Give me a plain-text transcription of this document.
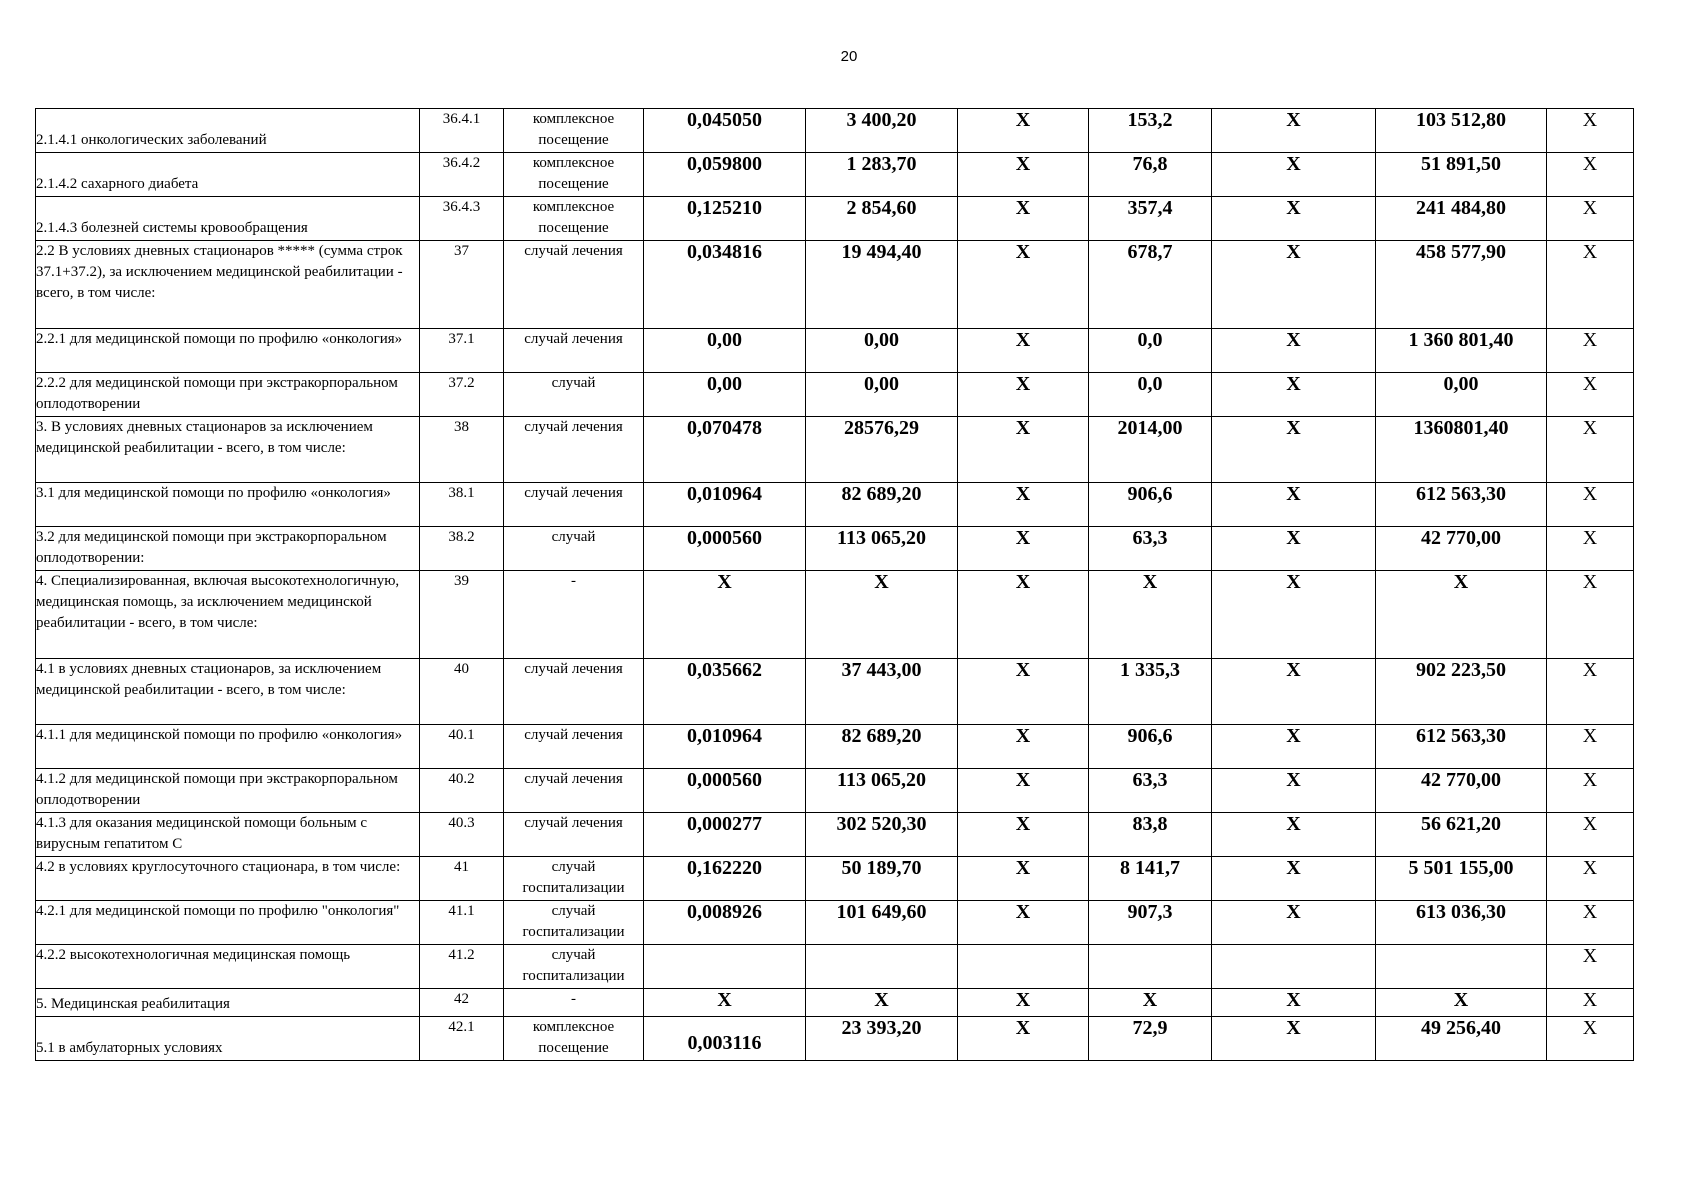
20
2.1.4.1 онкологических заболеваний	36.4.1	комплексное посещение	0,045050	3 400,20	X	153,2	X	103 512,80	X
2.1.4.2 сахарного диабета	36.4.2	комплексное посещение	0,059800	1 283,70	X	76,8	X	51 891,50	X
2.1.4.3 болезней системы кровообращения	36.4.3	комплексное посещение	0,125210	2 854,60	X	357,4	X	241 484,80	X
2.2 В условиях дневных стационаров ***** (сумма строк 37.1+37.2), за исключением медицинской реабилитации - всего, в том числе:	37	случай лечения	0,034816	19 494,40	X	678,7	X	458 577,90	X
2.2.1 для медицинской помощи по профилю «онкология»	37.1	случай лечения	0,00	0,00	X	0,0	X	1 360 801,40	X
2.2.2 для медицинской помощи при экстракорпоральном оплодотворении	37.2	случай	0,00	0,00	X	0,0	X	0,00	X
3. В условиях дневных стационаров за исключением медицинской реабилитации - всего, в том числе:	38	случай лечения	0,070478	28576,29	X	2014,00	X	1360801,40	X
3.1 для медицинской помощи по профилю «онкология»	38.1	случай лечения	0,010964	82 689,20	X	906,6	X	612 563,30	X
3.2 для медицинской помощи при экстракорпоральном оплодотворении:	38.2	случай	0,000560	113 065,20	X	63,3	X	42 770,00	X
4. Специализированная, включая высокотехнологичную, медицинская помощь, за исключением медицинской реабилитации - всего, в том числе:	39	-	X	X	X	X	X	X	X
4.1 в условиях дневных стационаров, за исключением медицинской реабилитации - всего, в том числе:	40	случай лечения	0,035662	37 443,00	X	1 335,3	X	902 223,50	X
4.1.1 для медицинской помощи по профилю «онкология»	40.1	случай лечения	0,010964	82 689,20	X	906,6	X	612 563,30	X
4.1.2 для медицинской помощи при экстракорпоральном оплодотворении	40.2	случай лечения	0,000560	113 065,20	X	63,3	X	42 770,00	X
4.1.3 для оказания медицинской помощи больным с вирусным гепатитом С	40.3	случай лечения	0,000277	302 520,30	X	83,8	X	56 621,20	X
4.2 в условиях круглосуточного стационара, в том числе:	41	случай госпитализации	0,162220	50 189,70	X	8 141,7	X	5 501 155,00	X
4.2.1 для медицинской помощи по профилю "онкология"	41.1	случай госпитализации	0,008926	101 649,60	X	907,3	X	613 036,30	X
4.2.2 высокотехнологичная медицинская помощь	41.2	случай госпитализации							X
5. Медицинская реабилитация	42	-	X	X	X	X	X	X	X
5.1 в амбулаторных условиях	42.1	комплексное посещение	0,003116	23 393,20	X	72,9	X	49 256,40	X
